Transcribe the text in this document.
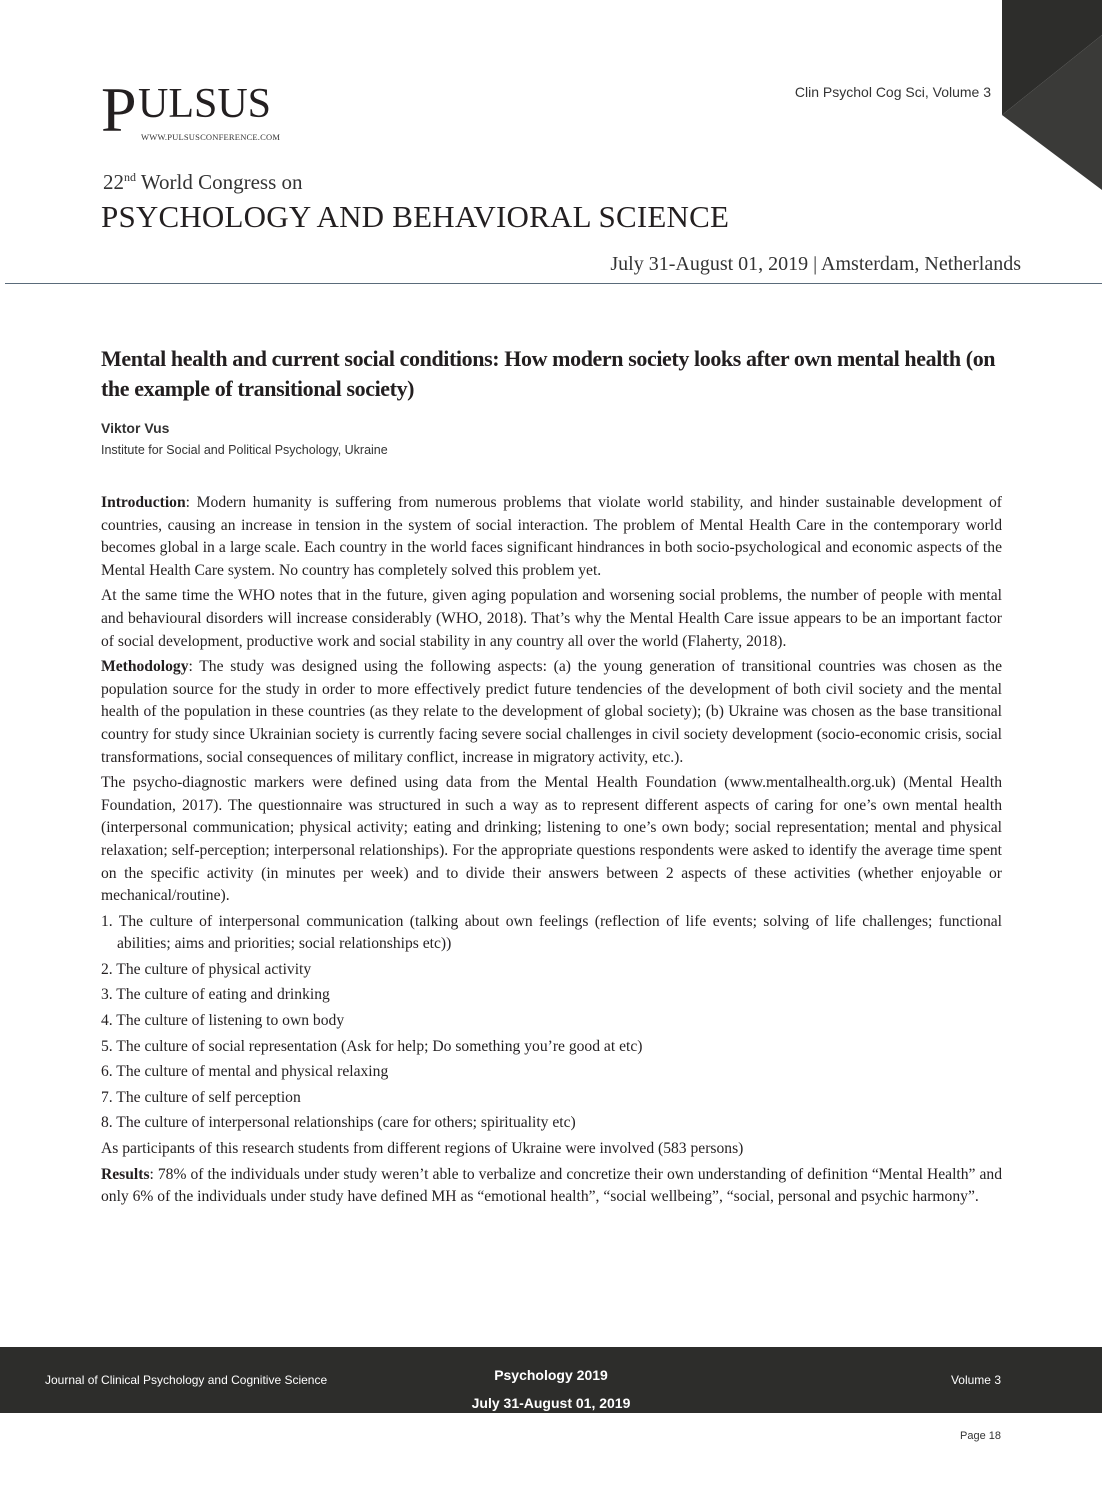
Clin Psychol Cog Sci, Volume 3
P ULSUS
WWW.PULSUSCONFERENCE.COM
22nd World Congress on
PSYCHOLOGY AND BEHAVIORAL SCIENCE
July 31-August 01, 2019 | Amsterdam, Netherlands
Mental health and current social conditions: How modern society looks after own mental health (on the example of transitional society)
Viktor Vus
Institute for Social and Political Psychology, Ukraine

Introduction: Modern humanity is suffering from numerous problems that violate world stability, and hinder sustainable development of countries, causing an increase in tension in the system of social interaction. The problem of Mental Health Care in the contemporary world becomes global in a large scale. Each country in the world faces significant hindrances in both socio-psychological and economic aspects of the Mental Health Care system. No country has completely solved this problem yet.

At the same time the WHO notes that in the future, given aging population and worsening social problems, the number of people with mental and behavioural disorders will increase considerably (WHO, 2018). That’s why the Mental Health Care issue appears to be an important factor of social development, productive work and social stability in any country all over the world (Flaherty, 2018).

Methodology: The study was designed using the following aspects: (a) the young generation of transitional countries was chosen as the population source for the study in order to more effectively predict future tendencies of the development of both civil society and the mental health of the population in these countries (as they relate to the development of global society); (b) Ukraine was chosen as the base transitional country for study since Ukrainian society is currently facing severe social challenges in civil society development (socio-economic crisis, social transformations, social consequences of military conflict, increase in migratory activity, etc.).

The psycho-diagnostic markers were defined using data from the Mental Health Foundation (www.mentalhealth.org.uk) (Mental Health Foundation, 2017). The questionnaire was structured in such a way as to represent different aspects of caring for one’s own mental health (interpersonal communication; physical activity; eating and drinking; listening to one’s own body; social representation; mental and physical relaxation; self-perception; interpersonal relationships). For the appropriate questions respondents were asked to identify the average time spent on the specific activity (in minutes per week) and to divide their answers between 2 aspects of these activities (whether enjoyable or mechanical/routine).

1. The culture of interpersonal communication (talking about own feelings (reflection of life events; solving of life challenges; functional abilities; aims and priorities; social relationships etc))

2. The culture of physical activity

3. The culture of eating and drinking

4. The culture of listening to own body

5. The culture of social representation (Ask for help; Do something you’re good at etc)

6. The culture of mental and physical relaxing

7. The culture of self perception

8. The culture of interpersonal relationships (care for others; spirituality etc)

As participants of this research students from different regions of Ukraine were involved (583 persons)

Results: 78% of the individuals under study weren’t able to verbalize and concretize their own understanding of definition “Mental Health” and only 6% of the individuals under study have defined MH as “emotional health”, “social wellbeing”, “social, personal and psychic harmony”.

Journal of Clinical Psychology and Cognitive Science	Psychology 2019
July 31-August 01, 2019
Volume 3
Page 18
